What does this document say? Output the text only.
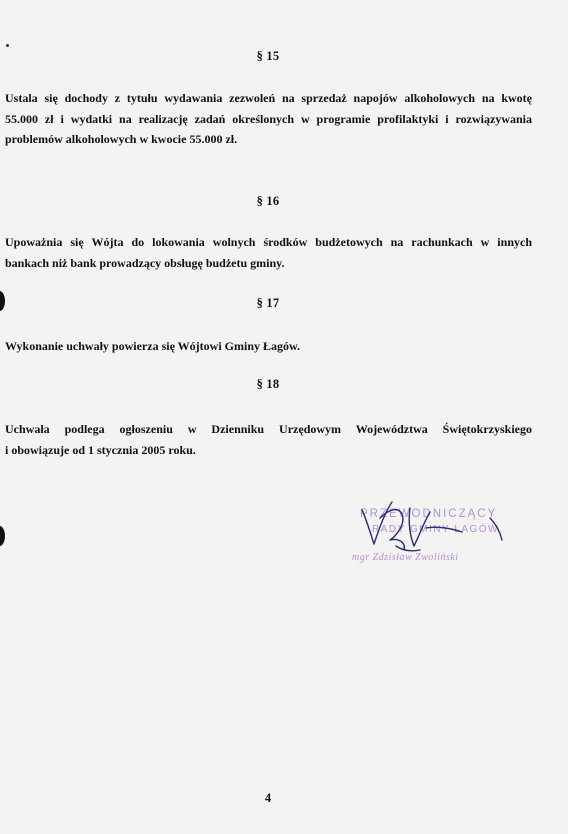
§ 15
Ustala się dochody z tytułu wydawania zezwoleń na sprzedaż napojów alkoholowych na kwotę
55.000 zł i wydatki na realizację zadań określonych w programie profilaktyki i rozwiązywania
problemów alkoholowych w kwocie 55.000 zł.
§ 16
Upoważnia się Wójta do lokowania wolnych środków budżetowych na rachunkach w innych
bankach niż bank prowadzący obsługę budżetu gminy.
§ 17
Wykonanie uchwały powierza się Wójtowi Gminy Łagów.
§ 18
Uchwała podlega ogłoszeniu w Dzienniku Urzędowym Województwa Świętokrzyskiego
i obowiązuje od 1 stycznia 2005 roku.
PRZEWODNICZĄCY
RADY GMINY ŁAGÓW
mgr Zdzisław Zwoliński
4
